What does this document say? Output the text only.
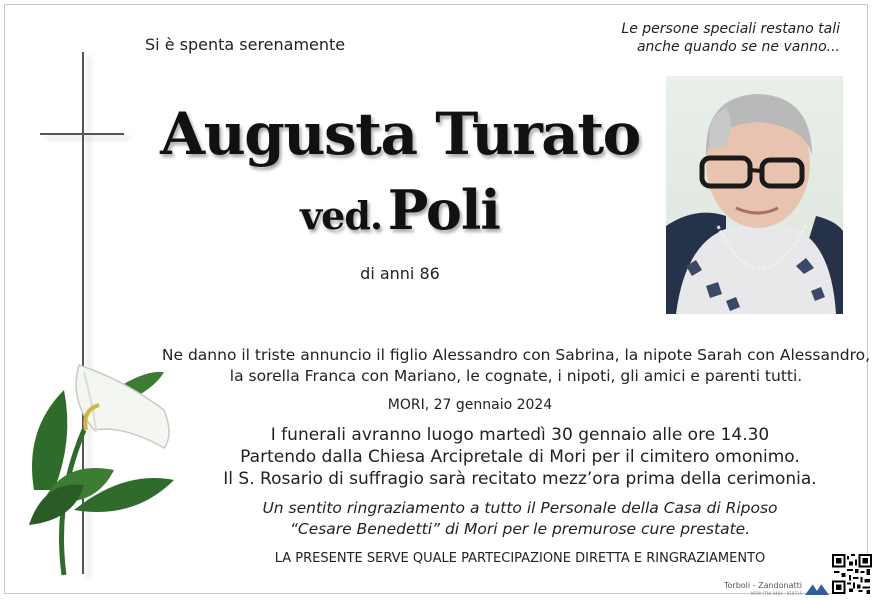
Si è spenta serenamente
Le persone speciali restano tali
anche quando se ne vanno...
Augusta Turato
ved. Poli
di anni 86
Ne danno il triste annuncio il figlio Alessandro con Sabrina, la nipote Sarah con Alessandro,
la sorella Franca con Mariano, le cognate, i nipoti, gli amici e parenti tutti.
MORI, 27 gennaio 2024
I funerali avranno luogo martedì 30 gennaio alle ore 14.30
Partendo dalla Chiesa Arcipretale di Mori per il cimitero omonimo.
Il S. Rosario di suffragio sarà recitato mezz’ora prima della cerimonia.
Un sentito ringraziamento a tutto il Personale della Casa di Riposo
“Cesare Benedetti” di Mori per le premurose cure prestate.
LA PRESENTE SERVE QUALE PARTECIPAZIONE DIRETTA E RINGRAZIAMENTO
Torboli - Zandonatti
MORI (TN) 0464 - 918715
